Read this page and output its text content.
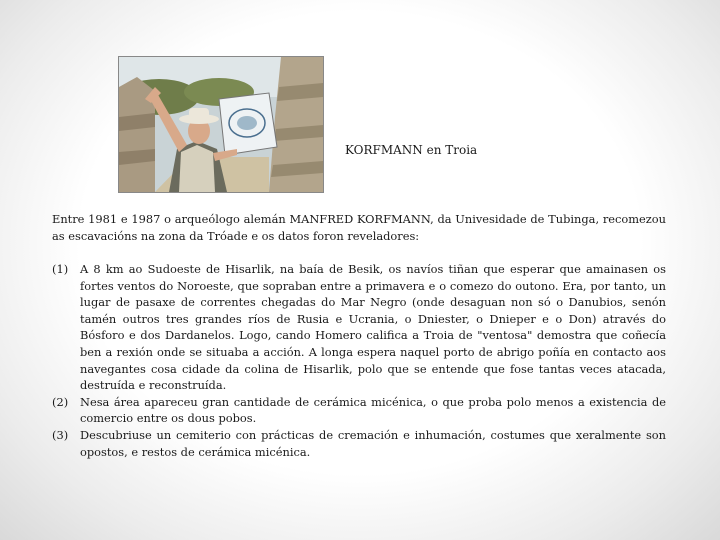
KORFMANN en Troia

Entre 1981 e 1987 o arqueólogo alemán MANFRED KORFMANN, da Univesidade de Tubinga, recomezou as escavacións na zona da Tróade e os datos foron reveladores:

(1)	A 8 km ao Sudoeste de Hisarlik, na baía de Besik, os navíos tiñan que esperar que amainasen os fortes ventos do Noroeste, que sopraban entre a primavera e o comezo do outono. Era, por tanto, un lugar de pasaxe de correntes chegadas do Mar Negro (onde desaguan non só o Danubios, senón tamén outros tres grandes ríos de Rusia e Ucrania, o Dniester, o Dnieper e o Don) através do Bósforo e dos Dardanelos. Logo, cando Homero califica a Troia de "ventosa" demostra que coñecía ben a rexión onde se situaba a acción. A longa espera naquel porto de abrigo poñía en contacto aos navegantes cosa cidade da colina de Hisarlik, polo que se entende que fose tantas veces atacada, destruída e reconstruída.
(2)	Nesa área apareceu gran cantidade de cerámica micénica, o que proba polo menos a existencia de comercio entre os dous pobos.
(3)	Descubriuse un cemiterio con prácticas de cremación e inhumación, costumes que xeralmente son opostos, e restos de cerámica micénica.
